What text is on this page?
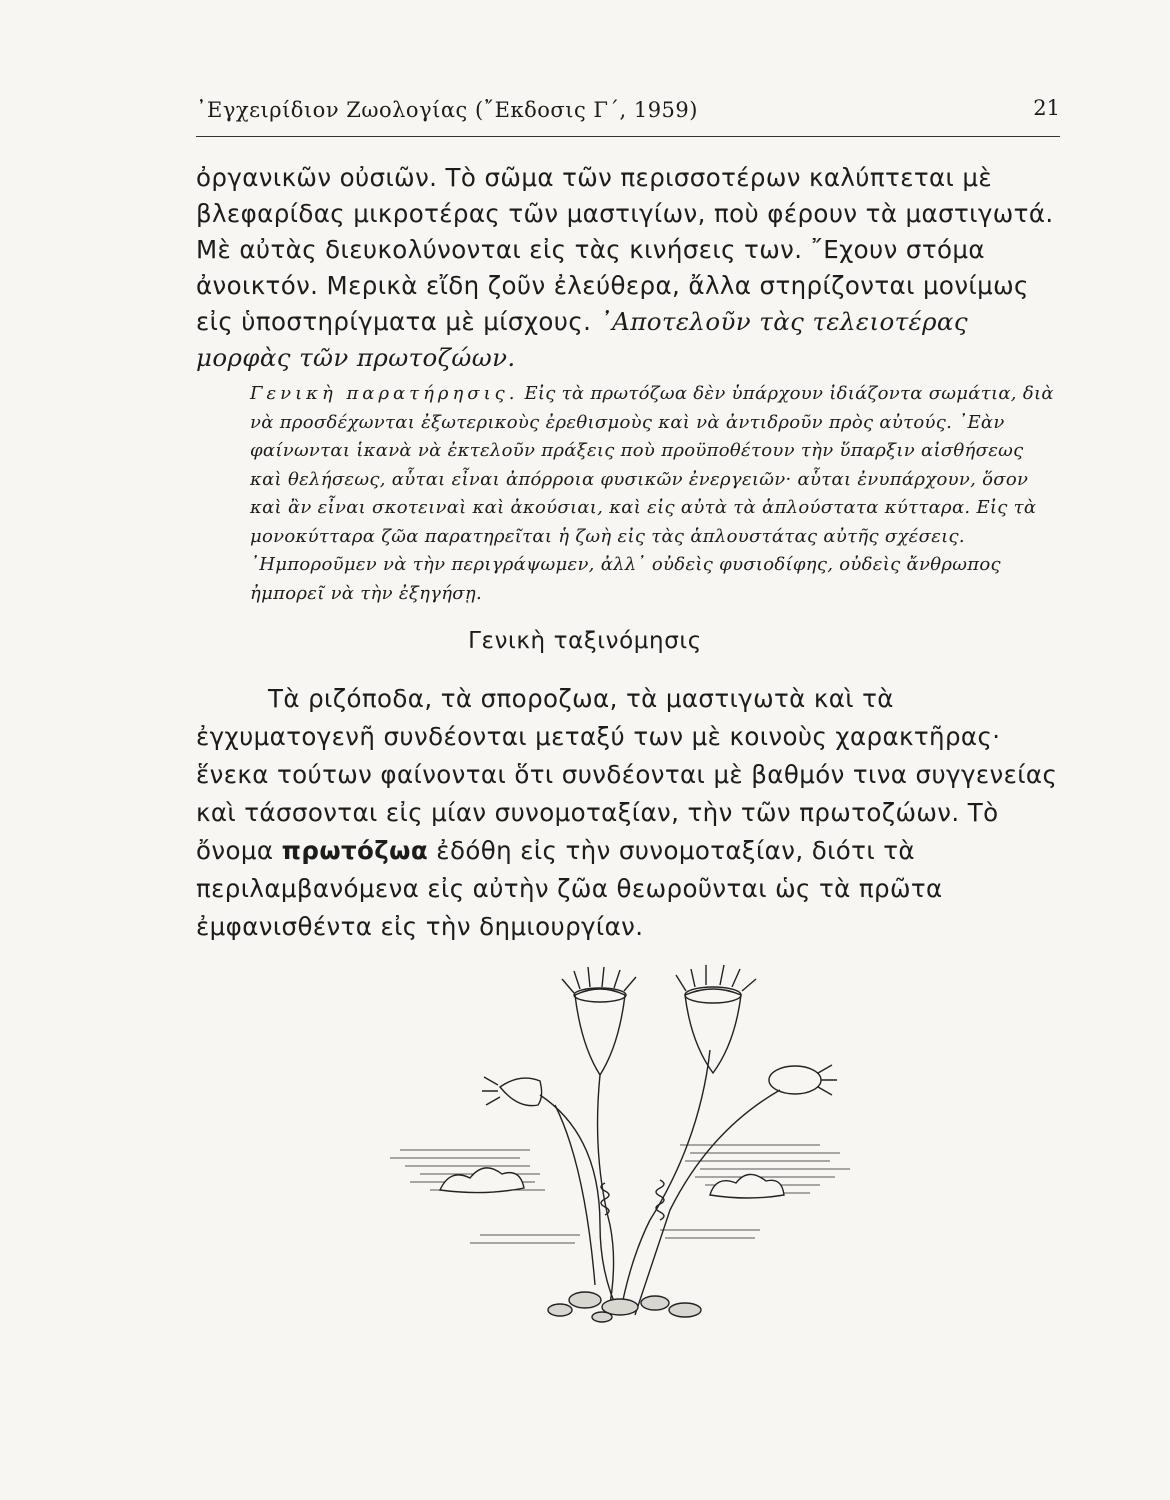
᾿Εγχειρίδιον Ζωολογίας (῎Εκδοσις Γ΄, 1959)	21
ὀργανικῶν οὐσιῶν. Τὸ σῶμα τῶν περισσοτέρων καλύπτεται μὲ βλεφαρίδας μικροτέρας τῶν μαστιγίων, ποὺ φέρουν τὰ μαστιγωτά. Μὲ αὐτὰς διευκολύνονται εἰς τὰς κινήσεις των. ῎Εχουν στόμα ἀνοικτόν. Μερικὰ εἴδη ζοῦν ἐλεύθερα, ἄλλα στηρίζονται μονίμως εἰς ὑποστηρίγματα μὲ μίσχους. ᾿Αποτελοῦν τὰς τελειοτέρας μορφὰς τῶν πρωτοζώων.
Γενικὴ παρατήρησις. Εἰς τὰ πρωτόζωα δὲν ὑπάρχουν ἰδιάζοντα σωμάτια, διὰ νὰ προσδέχωνται ἐξωτερικοὺς ἐρεθισμοὺς καὶ νὰ ἀντιδροῦν πρὸς αὐτούς. ᾿Εὰν φαίνωνται ἱκανὰ νὰ ἐκτελοῦν πράξεις ποὺ προϋποθέτουν τὴν ὕπαρξιν αἰσθήσεως καὶ θελήσεως, αὗται εἶναι ἀπόρροια φυσικῶν ἐνεργειῶν· αὗται ἐνυπάρχουν, ὅσον καὶ ἂν εἶναι σκοτειναὶ καὶ ἀκούσιαι, καὶ εἰς αὐτὰ τὰ ἁπλούστατα κύτταρα. Εἰς τὰ μονοκύτταρα ζῶα παρατηρεῖται ἡ ζωὴ εἰς τὰς ἁπλουστάτας αὐτῆς σχέσεις. ᾿Ημποροῦμεν νὰ τὴν περιγράψωμεν, ἀλλ᾿ οὐδεὶς φυσιοδίφης, οὐδεὶς ἄνθρωπος ἠμπορεῖ νὰ τὴν ἐξηγήσῃ.
Γενικὴ ταξινόμησις
Τὰ ριζόποδα, τὰ σποροζωα, τὰ μαστιγωτὰ καὶ τὰ ἐγχυματογενῆ συνδέονται μεταξύ των μὲ κοινοὺς χαρακτῆρας· ἕνεκα τούτων φαίνονται ὅτι συνδέονται μὲ βαθμόν τινα συγγενείας καὶ τάσσονται εἰς μίαν συνομοταξίαν, τὴν τῶν πρωτοζώων. Τὸ ὄνομα πρωτόζωα ἐδόθη εἰς τὴν συνομοταξίαν, διότι τὰ περιλαμβανόμενα εἰς αὐτὴν ζῶα θεωροῦνται ὡς τὰ πρῶτα ἐμφανισθέντα εἰς τὴν δημιουργίαν.
